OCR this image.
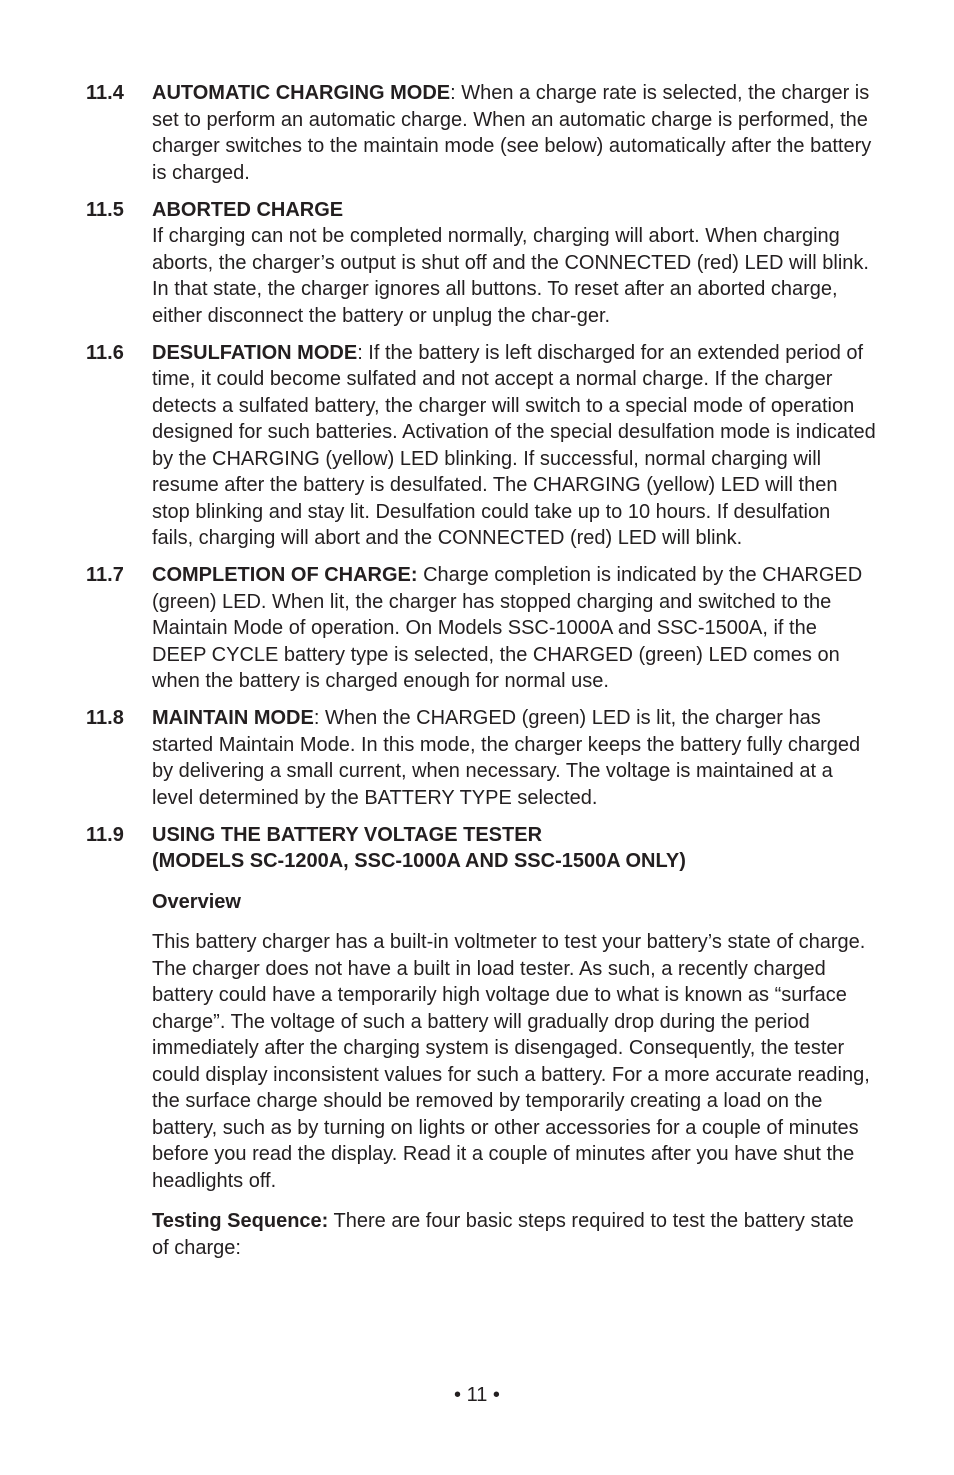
11.4	AUTOMATIC CHARGING MODE: When a charge rate is selected, the charger is set to perform an automatic charge. When an automatic charge is performed, the charger switches to the maintain mode (see below) automatically after the battery is charged.
11.5	ABORTED CHARGE
If charging can not be completed normally, charging will abort. When charging aborts, the charger’s output is shut off and the CONNECTED (red) LED will blink. In that state, the charger ignores all buttons. To reset after an aborted charge, either disconnect the battery or unplug the char-ger.
11.6	DESULFATION MODE: If the battery is left discharged for an extended period of time, it could become sulfated and not accept a normal charge. If the charger detects a sulfated battery, the charger will switch to a special mode of operation designed for such batteries. Activation of the special desulfation mode is indicated by the CHARGING (yellow) LED blinking. If successful, normal charging will resume after the battery is desulfated. The CHARGING (yellow) LED will then stop blinking and stay lit. Desulfation could take up to 10 hours. If desulfation fails, charging will abort and the CONNECTED (red) LED will blink.
11.7	COMPLETION OF CHARGE: Charge completion is indicated by the CHARGED (green) LED. When lit, the charger has stopped charging and switched to the Maintain Mode of operation. On Models SSC-1000A and SSC-1500A, if the DEEP CYCLE battery type is selected, the CHARGED (green) LED comes on when the battery is charged enough for normal use.
11.8	MAINTAIN MODE: When the CHARGED (green) LED is lit, the charger has started Maintain Mode. In this mode, the charger keeps the battery fully charged by delivering a small current, when necessary. The voltage is maintained at a level determined by the BATTERY TYPE selected.
11.9	USING THE BATTERY VOLTAGE TESTER
(MODELS SC-1200A, SSC-1000A AND SSC-1500A ONLY)
Overview
This battery charger has a built-in voltmeter to test your battery’s state of charge. The charger does not have a built in load tester. As such, a recently charged battery could have a temporarily high voltage due to what is known as “surface charge”. The voltage of such a battery will gradually drop during the period immediately after the charging system is disengaged. Consequently, the tester could display inconsistent values for such a battery. For a more accurate reading, the surface charge should be removed by temporarily creating a load on the battery, such as by turning on lights or other accessories for a couple of minutes before you read the display. Read it a couple of minutes after you have shut the headlights off.
Testing Sequence: There are four basic steps required to test the battery state of charge:
• 11 •
